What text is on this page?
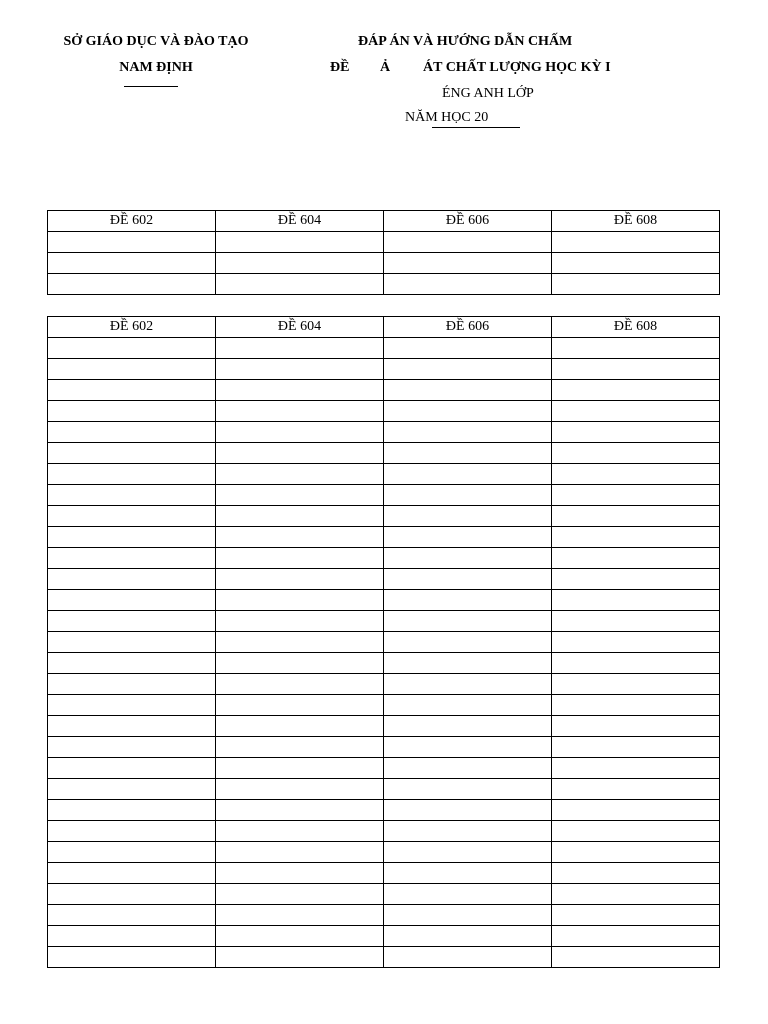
SỞ GIÁO DỤC VÀ ĐÀO TẠO
NAM ĐỊNH
ĐÁP ÁN VÀ HƯỚNG DẪN CHẤM
ĐỀ Ả ÁT CHẤT LƯỢNG HỌC KỲ I
ÉNG ANH LỚP
NĂM HỌC 20
ĐỀ 602	ĐỀ 604	ĐỀ 606	ĐỀ 608

ĐỀ 602	ĐỀ 604	ĐỀ 606	ĐỀ 608
